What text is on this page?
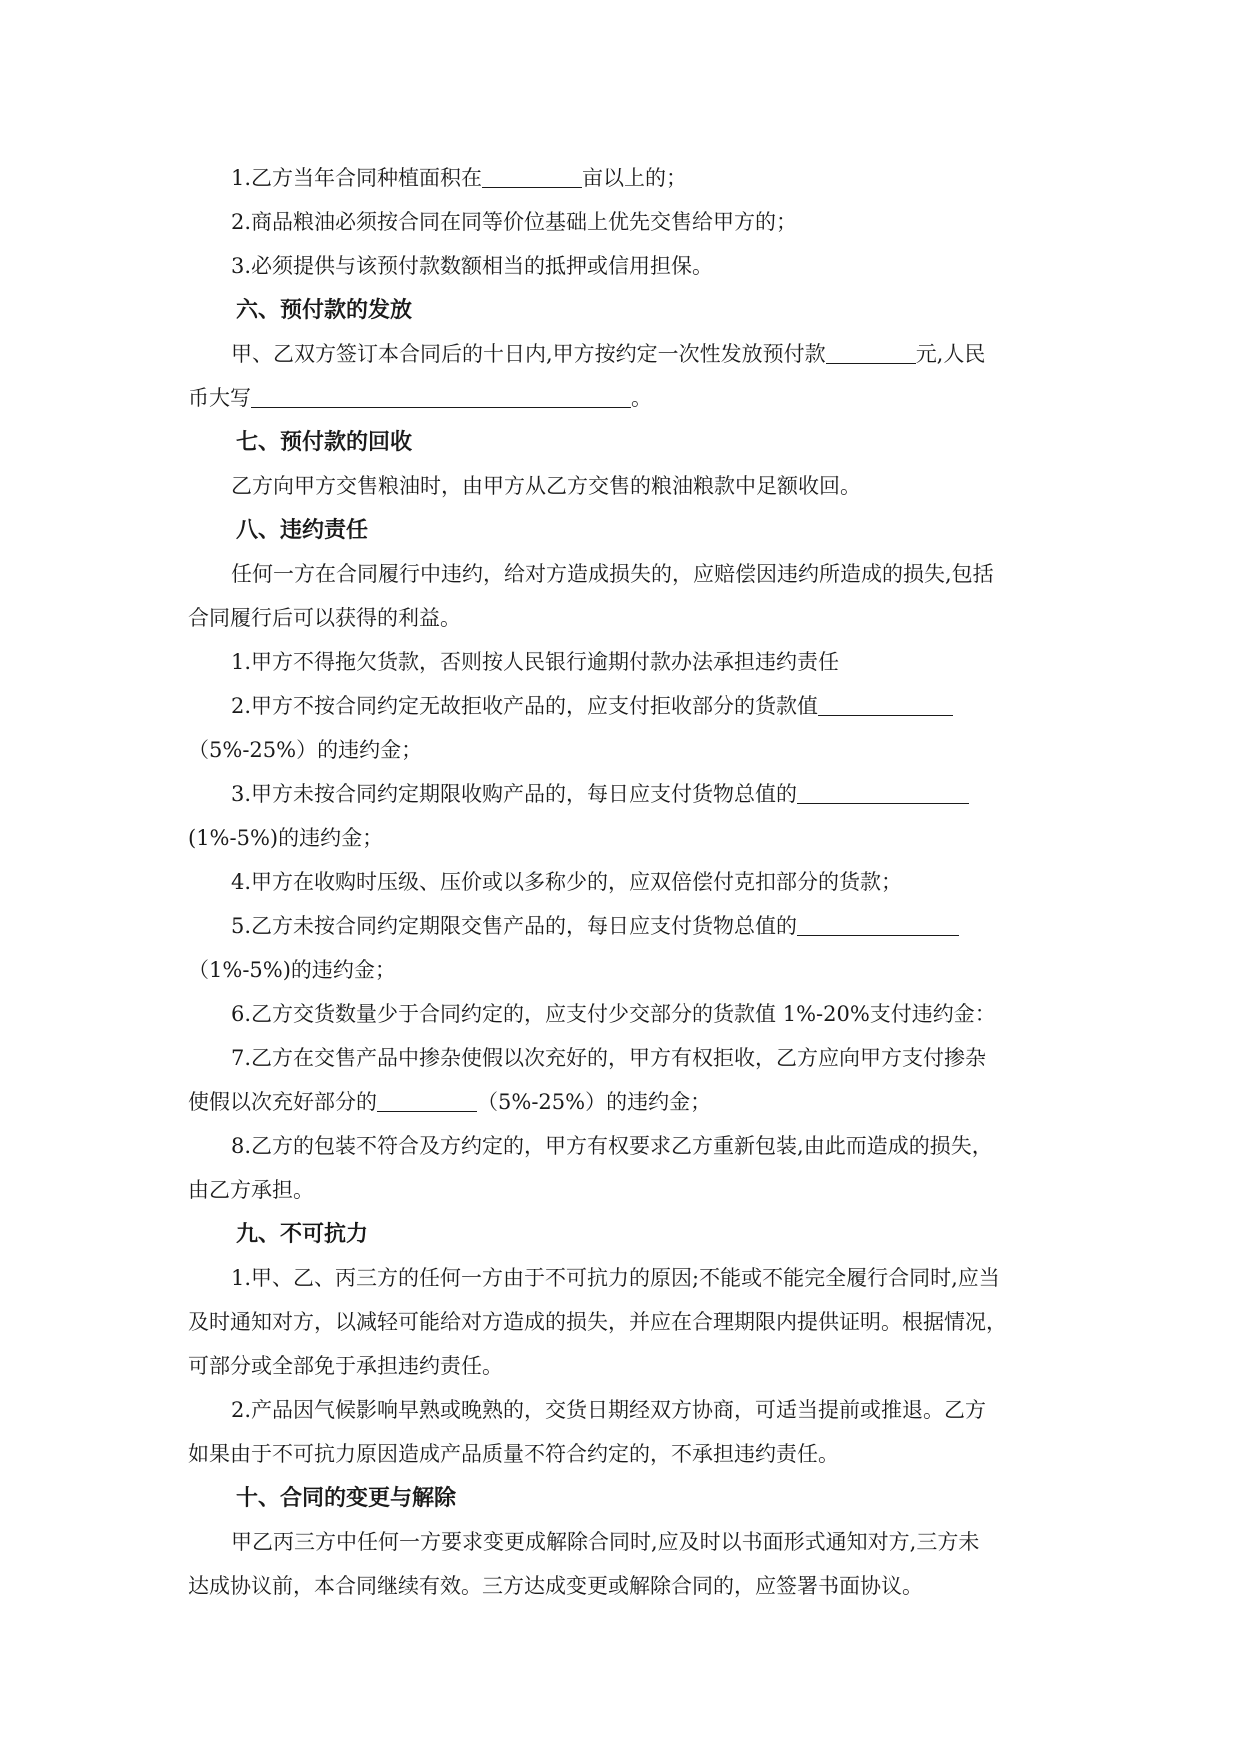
1.乙方当年合同种植面积在	亩以上的；
2.商品粮油必须按合同在同等价位基础上优先交售给甲方的；
3.必须提供与该预付款数额相当的抵押或信用担保。
六、预付款的发放
甲、乙双方签订本合同后的十日内,甲方按约定一次性发放预付款	元,人民
币大写	。
七、预付款的回收
乙方向甲方交售粮油时，由甲方从乙方交售的粮油粮款中足额收回。
八、违约责任
任何一方在合同履行中违约，给对方造成损失的，应赔偿因违约所造成的损失,包括
合同履行后可以获得的利益。
1.甲方不得拖欠货款，否则按人民银行逾期付款办法承担违约责任
2.甲方不按合同约定无故拒收产品的，应支付拒收部分的货款值
（5%-25%）的违约金；
3.甲方未按合同约定期限收购产品的，每日应支付货物总值的
(1%-5%)的违约金；
4.甲方在收购时压级、压价或以多称少的，应双倍偿付克扣部分的货款；
5.乙方未按合同约定期限交售产品的，每日应支付货物总值的
（1%-5%)的违约金；
6.乙方交货数量少于合同约定的，应支付少交部分的货款值 1%-20%支付违约金：
7.乙方在交售产品中掺杂使假以次充好的，甲方有权拒收，乙方应向甲方支付掺杂
使假以次充好部分的	（5%-25%）的违约金；
8.乙方的包装不符合及方约定的，甲方有权要求乙方重新包装,由此而造成的损失，
由乙方承担。
九、不可抗力
1.甲、乙、丙三方的任何一方由于不可抗力的原因;不能或不能完全履行合同时,应当
及时通知对方，以减轻可能给对方造成的损失，并应在合理期限内提供证明。根据情况，
可部分或全部免于承担违约责任。
2.产品因气候影响早熟或晚熟的，交货日期经双方协商，可适当提前或推退。乙方
如果由于不可抗力原因造成产品质量不符合约定的，不承担违约责任。
十、合同的变更与解除
甲乙丙三方中任何一方要求变更成解除合同时,应及时以书面形式通知对方,三方未
达成协议前，本合同继续有效。三方达成变更或解除合同的，应签署书面协议。
